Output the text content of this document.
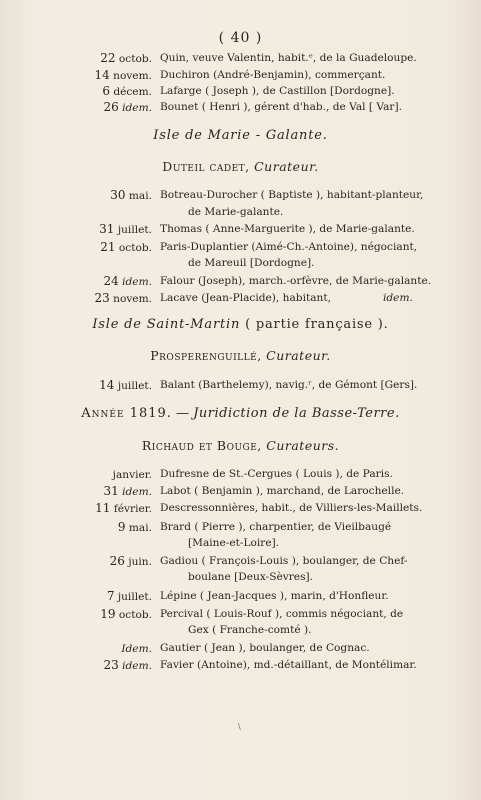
( 40 )
22 octob. Quin, veuve Valentin, habit.ᵉ, de la Guadeloupe.
14 novem. Duchiron (André-Benjamin), commerçant.
6 décem. Lafarge ( Joseph ), de Castillon [Dordogne].
26 idem. Bounet ( Henri ), gérent d'hab., de Val [ Var].
Isle de Marie - Galante.
Duteil cadet, Curateur.
30 mai. Botreau-Durocher ( Baptiste ), habitant-planteur,
de Marie-galante.
31 juillet. Thomas ( Anne-Marguerite ), de Marie-galante.
21 octob. Paris-Duplantier (Aimé-Ch.-Antoine), négociant,
de Mareuil [Dordogne].
24 idem. Falour (Joseph), march.-orfèvre, de Marie-galante.
23 novem. Lacave (Jean-Placide), habitant,	idem.
Isle de Saint-Martin ( partie française ).
Prosperenguillé, Curateur.
14 juillet. Balant (Barthelemy), navig.ʳ, de Gémont [Gers].
Année 1819. — Juridiction de la Basse-Terre.
Richaud et Bouge, Curateurs.
janvier. Dufresne de St.-Cergues ( Louis ), de Paris.
31 idem. Labot ( Benjamin ), marchand, de Larochelle.
11 février. Descressonnières, habit., de Villiers-les-Maillets.
9 mai. Brard ( Pierre ), charpentier, de Vieilbaugé
[Maine-et-Loire].
26 juin. Gadiou ( François-Louis ), boulanger, de Chef-
boulane [Deux-Sèvres].
7 juillet. Lépine ( Jean-Jacques ), marin, d'Honfleur.
19 octob. Percival ( Louis-Rouf ), commis négociant, de
Gex ( Franche-comté ).
Idem. Gautier ( Jean ), boulanger, de Cognac.
23 idem. Favier (Antoine), md.-détaillant, de Montélimar.
\
